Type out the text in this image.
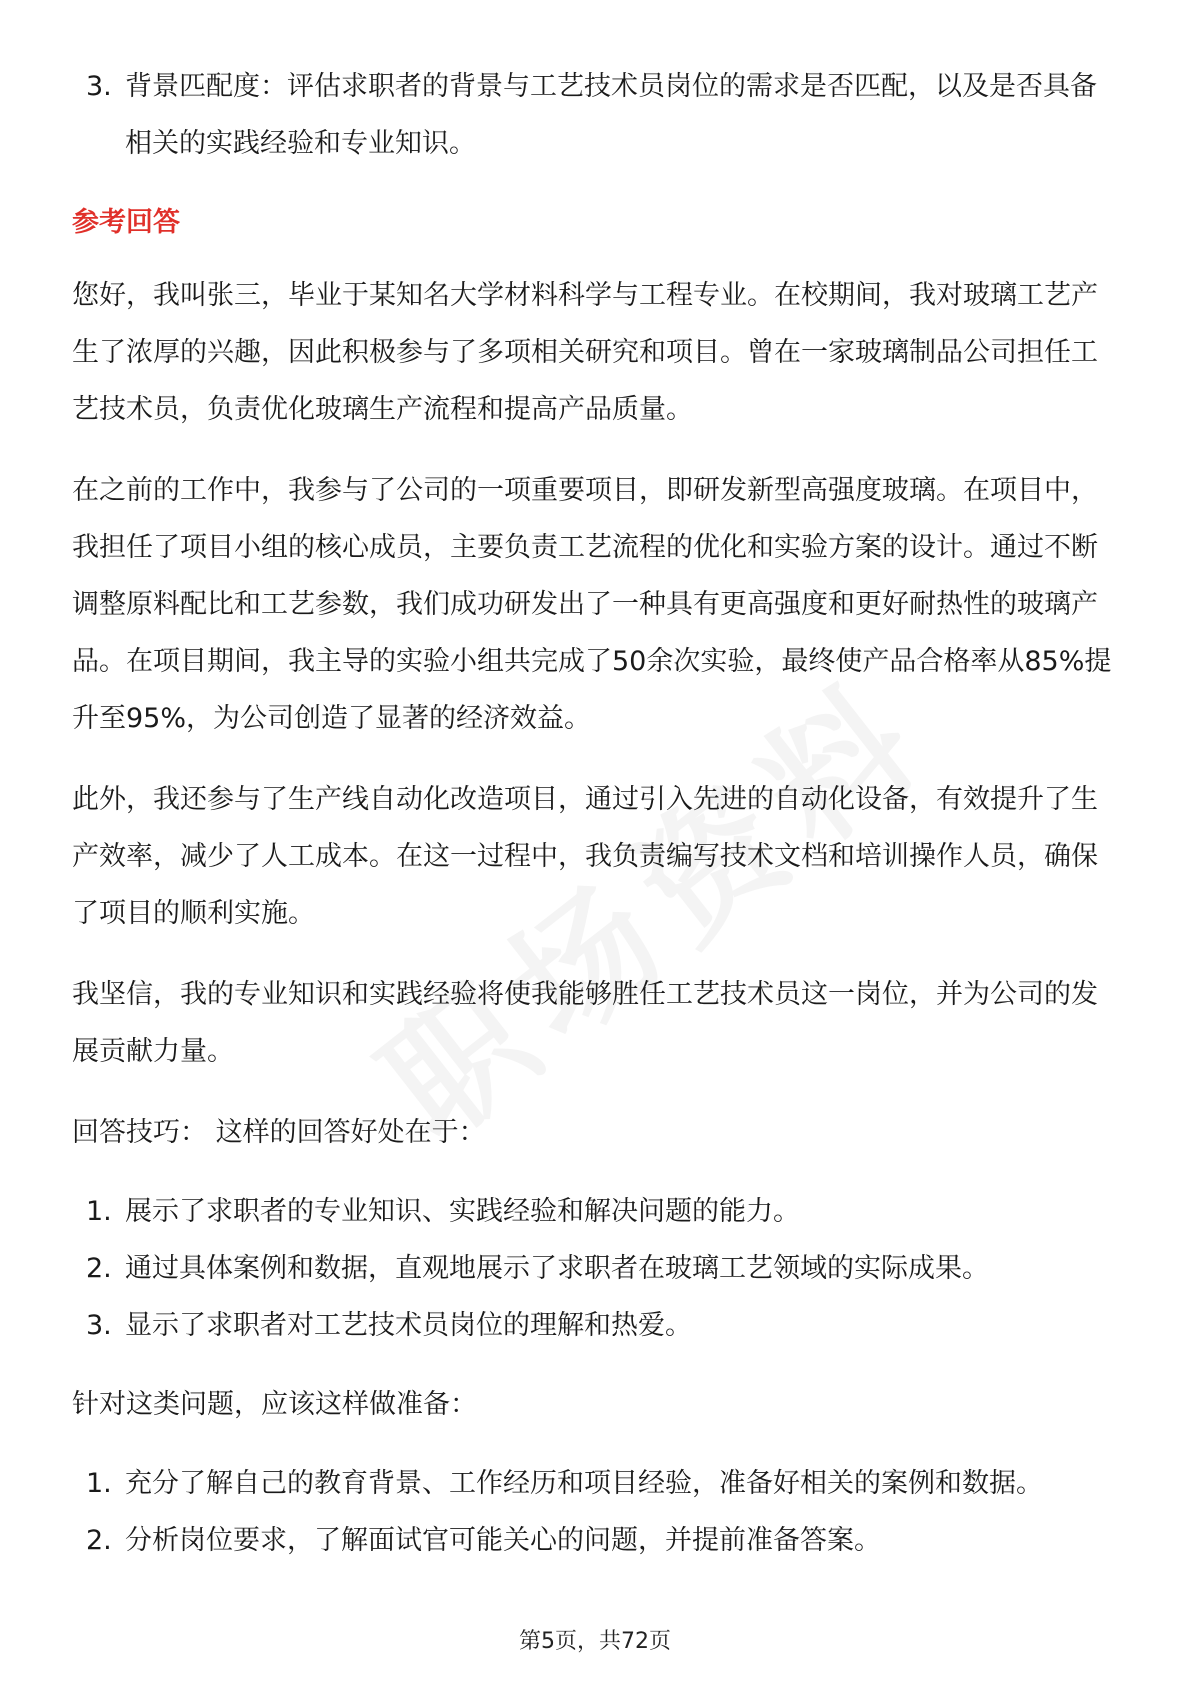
3. 背景匹配度：评估求职者的背景与工艺技术员岗位的需求是否匹配，以及是否具备相关的实践经验和专业知识。
参考回答

您好，我叫张三，毕业于某知名大学材料科学与工程专业。在校期间，我对玻璃工艺产生了浓厚的兴趣，因此积极参与了多项相关研究和项目。曾在一家玻璃制品公司担任工艺技术员，负责优化玻璃生产流程和提高产品质量。

在之前的工作中，我参与了公司的一项重要项目，即研发新型高强度玻璃。在项目中，我担任了项目小组的核心成员，主要负责工艺流程的优化和实验方案的设计。通过不断调整原料配比和工艺参数，我们成功研发出了一种具有更高强度和更好耐热性的玻璃产品。在项目期间，我主导的实验小组共完成了50余次实验，最终使产品合格率从85%提升至95%，为公司创造了显著的经济效益。

此外，我还参与了生产线自动化改造项目，通过引入先进的自动化设备，有效提升了生产效率，减少了人工成本。在这一过程中，我负责编写技术文档和培训操作人员，确保了项目的顺利实施。

我坚信，我的专业知识和实践经验将使我能够胜任工艺技术员这一岗位，并为公司的发展贡献力量。

回答技巧： 这样的回答好处在于：

1. 展示了求职者的专业知识、实践经验和解决问题的能力。
2. 通过具体案例和数据，直观地展示了求职者在玻璃工艺领域的实际成果。
3. 显示了求职者对工艺技术员岗位的理解和热爱。

针对这类问题，应该这样做准备：

1. 充分了解自己的教育背景、工作经历和项目经验，准备好相关的案例和数据。
2. 分析岗位要求，了解面试官可能关心的问题，并提前准备答案。
第5页，共72页
